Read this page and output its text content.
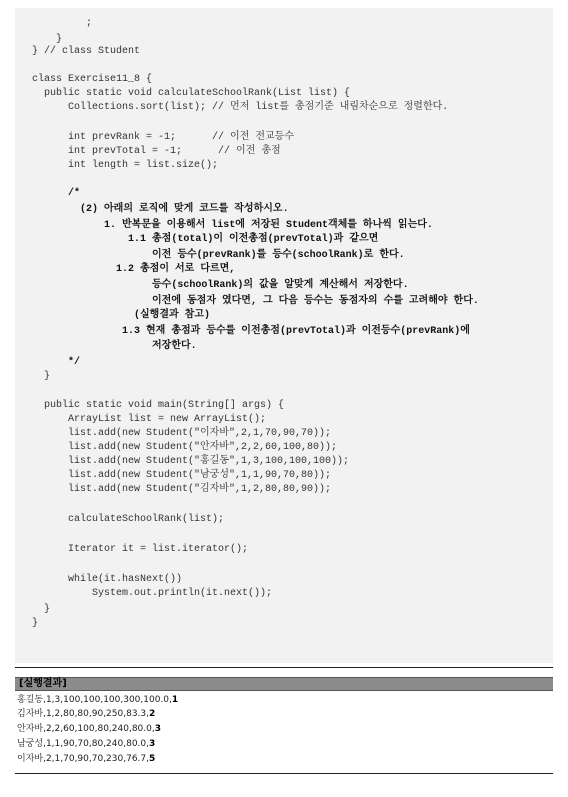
;
}
} // class Student
class Exercise11_8 {
public static void calculateSchoolRank(List list) {
Collections.sort(list); // 먼저 list를 총점기준 내림차순으로 정렬한다.
int prevRank = -1;      // 이전 전교등수
int prevTotal = -1;      // 이전 총점
int length = list.size();
/*
(2) 아래의 로직에 맞게 코드를 작성하시오.
1. 반복문을 이용해서 list에 저장된 Student객체를 하나씩 읽는다.
1.1 총점(total)이 이전총점(prevTotal)과 같으면
이전 등수(prevRank)를 등수(schoolRank)로 한다.
1.2 총점이 서로 다르면,
등수(schoolRank)의 값을 알맞게 계산해서 저장한다.
이전에 동점자 였다면, 그 다음 등수는 동점자의 수를 고려해야 한다.
(실행결과 참고)
1.3 현재 총점과 등수를 이전총점(prevTotal)과 이전등수(prevRank)에
저장한다.
*/
}
public static void main(String[] args) {
ArrayList list = new ArrayList();
list.add(new Student("이자바",2,1,70,90,70));
list.add(new Student("안자바",2,2,60,100,80));
list.add(new Student("홍길동",1,3,100,100,100));
list.add(new Student("남궁성",1,1,90,70,80));
list.add(new Student("김자바",1,2,80,80,90));
calculateSchoolRank(list);
Iterator it = list.iterator();
while(it.hasNext())
System.out.println(it.next());
}
}
[실행결과]
홍길동,1,3,100,100,100,300,100.0,1
김자바,1,2,80,80,90,250,83.3,2
안자바,2,2,60,100,80,240,80.0,3
남궁성,1,1,90,70,80,240,80.0,3
이자바,2,1,70,90,70,230,76.7,5
